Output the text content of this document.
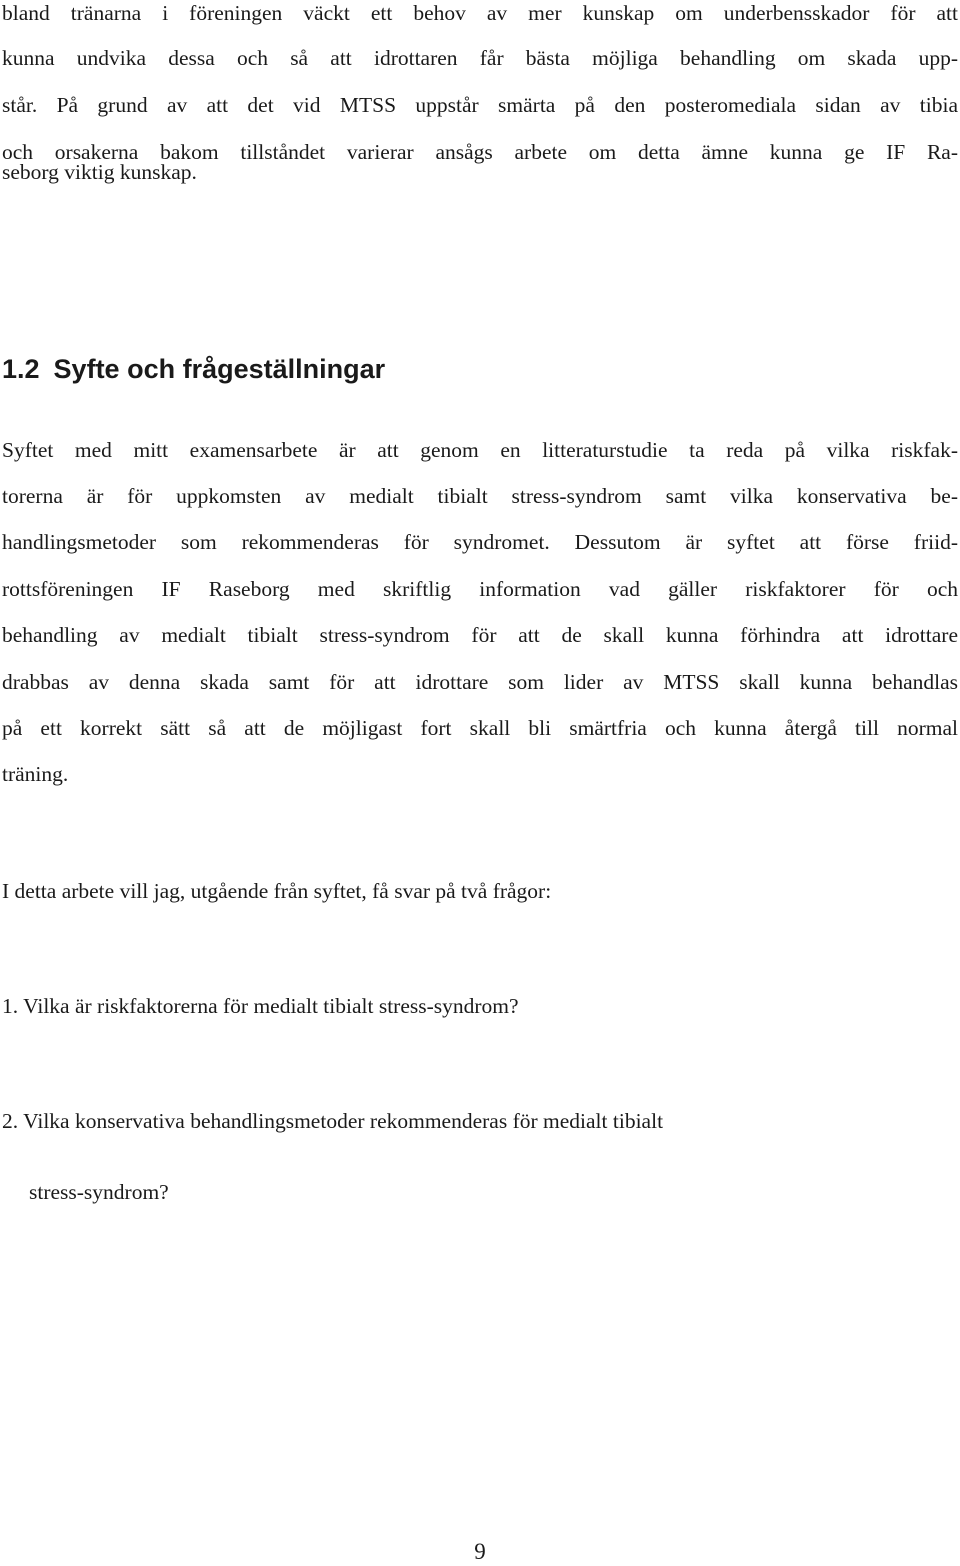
bland tränarna i föreningen väckt ett behov av mer kunskap om underbensskador för att

kunna undvika dessa och så att idrottaren får bästa möjliga behandling om skada upp-

står. På grund av att det vid MTSS uppstår smärta på den posteromediala sidan av tibia

och orsakerna bakom tillståndet varierar ansågs arbete om detta ämne kunna ge IF Ra-

seborg viktig kunskap.

1.2 Syfte och frågeställningar

Syftet med mitt examensarbete är att genom en litteraturstudie ta reda på vilka riskfak-

torerna är för uppkomsten av medialt tibialt stress-syndrom samt vilka konservativa be-

handlingsmetoder som rekommenderas för syndromet. Dessutom är syftet att förse friid-

rottsföreningen IF Raseborg med skriftlig information vad gäller riskfaktorer för och

behandling av medialt tibialt stress-syndrom för att de skall kunna förhindra att idrottare

drabbas av denna skada samt för att idrottare som lider av MTSS skall kunna behandlas

på ett korrekt sätt så att de möjligast fort skall bli smärtfria och kunna återgå till normal

träning.

I detta arbete vill jag, utgående från syftet, få svar på två frågor:

1. Vilka är riskfaktorerna för medialt tibialt stress-syndrom?

2. Vilka konservativa behandlingsmetoder rekommenderas för medialt tibialt

stress-syndrom?

9
